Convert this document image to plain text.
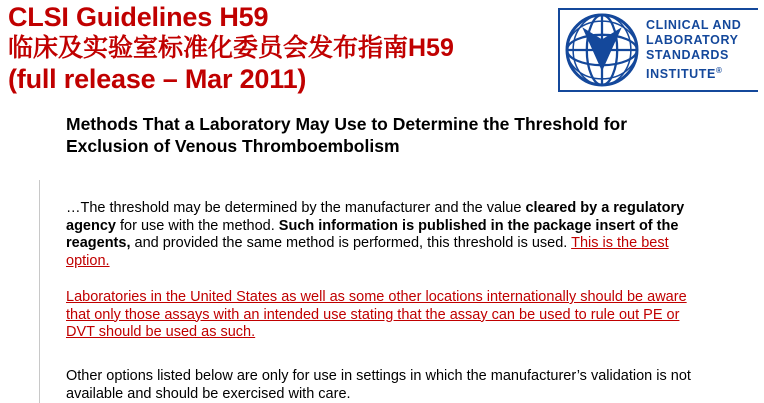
CLSI Guidelines H59
临床及实验室标准化委员会发布指南H59
(full release – Mar 2011)
CLINICAL AND
LABORATORY
STANDARDS
INSTITUTE®
Methods That a Laboratory May Use to Determine the Threshold for Exclusion of Venous Thromboembolism
…The threshold may be determined by the manufacturer and the value cleared by a regulatory agency for use with the method. Such information is published in the package insert of the reagents, and provided the same method is performed, this threshold is used. This is the best option.
Laboratories in the United States as well as some other locations internationally should be aware that only those assays with an intended use stating that the assay can be used to rule out PE or DVT should be used as such.
Other options listed below are only for use in settings in which the manufacturer’s validation is not available and should be exercised with care.
